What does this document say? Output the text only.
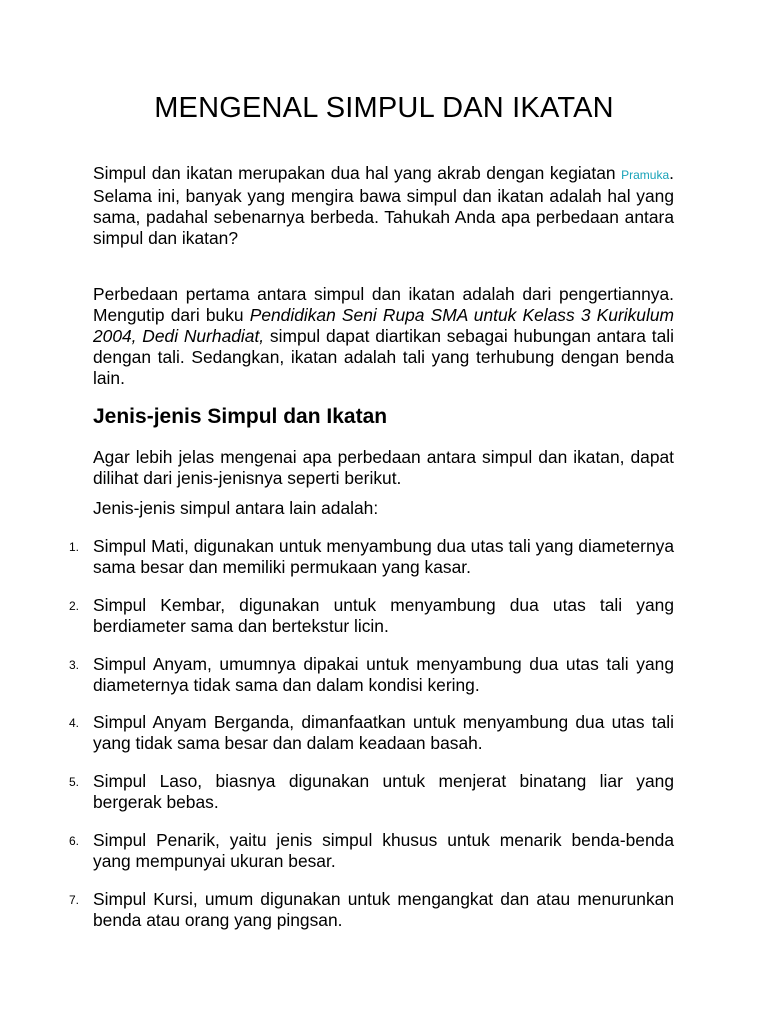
MENGENAL SIMPUL DAN IKATAN

Simpul dan ikatan merupakan dua hal yang akrab dengan kegiatan Pramuka. Selama ini, banyak yang mengira bawa simpul dan ikatan adalah hal yang sama, padahal sebenarnya berbeda. Tahukah Anda apa perbedaan antara simpul dan ikatan?

Perbedaan pertama antara simpul dan ikatan adalah dari pengertiannya. Mengutip dari buku Pendidikan Seni Rupa SMA untuk Kelass 3 Kurikulum 2004, Dedi Nurhadiat, simpul dapat diartikan sebagai hubungan antara tali dengan tali. Sedangkan, ikatan adalah tali yang terhubung dengan benda lain.

Jenis-jenis Simpul dan Ikatan

Agar lebih jelas mengenai apa perbedaan antara simpul dan ikatan, dapat dilihat dari jenis-jenisnya seperti berikut.

Jenis-jenis simpul antara lain adalah:

1. Simpul Mati, digunakan untuk menyambung dua utas tali yang diameternya sama besar dan memiliki permukaan yang kasar.

2. Simpul Kembar, digunakan untuk menyambung dua utas tali yang berdiameter sama dan bertekstur licin.

3. Simpul Anyam, umumnya dipakai untuk menyambung dua utas tali yang diameternya tidak sama dan dalam kondisi kering.

4. Simpul Anyam Berganda, dimanfaatkan untuk menyambung dua utas tali yang tidak sama besar dan dalam keadaan basah.

5. Simpul Laso, biasnya digunakan untuk menjerat binatang liar yang bergerak bebas.

6. Simpul Penarik, yaitu jenis simpul khusus untuk menarik benda-benda yang mempunyai ukuran besar.

7. Simpul Kursi, umum digunakan untuk mengangkat dan atau menurunkan benda atau orang yang pingsan.
